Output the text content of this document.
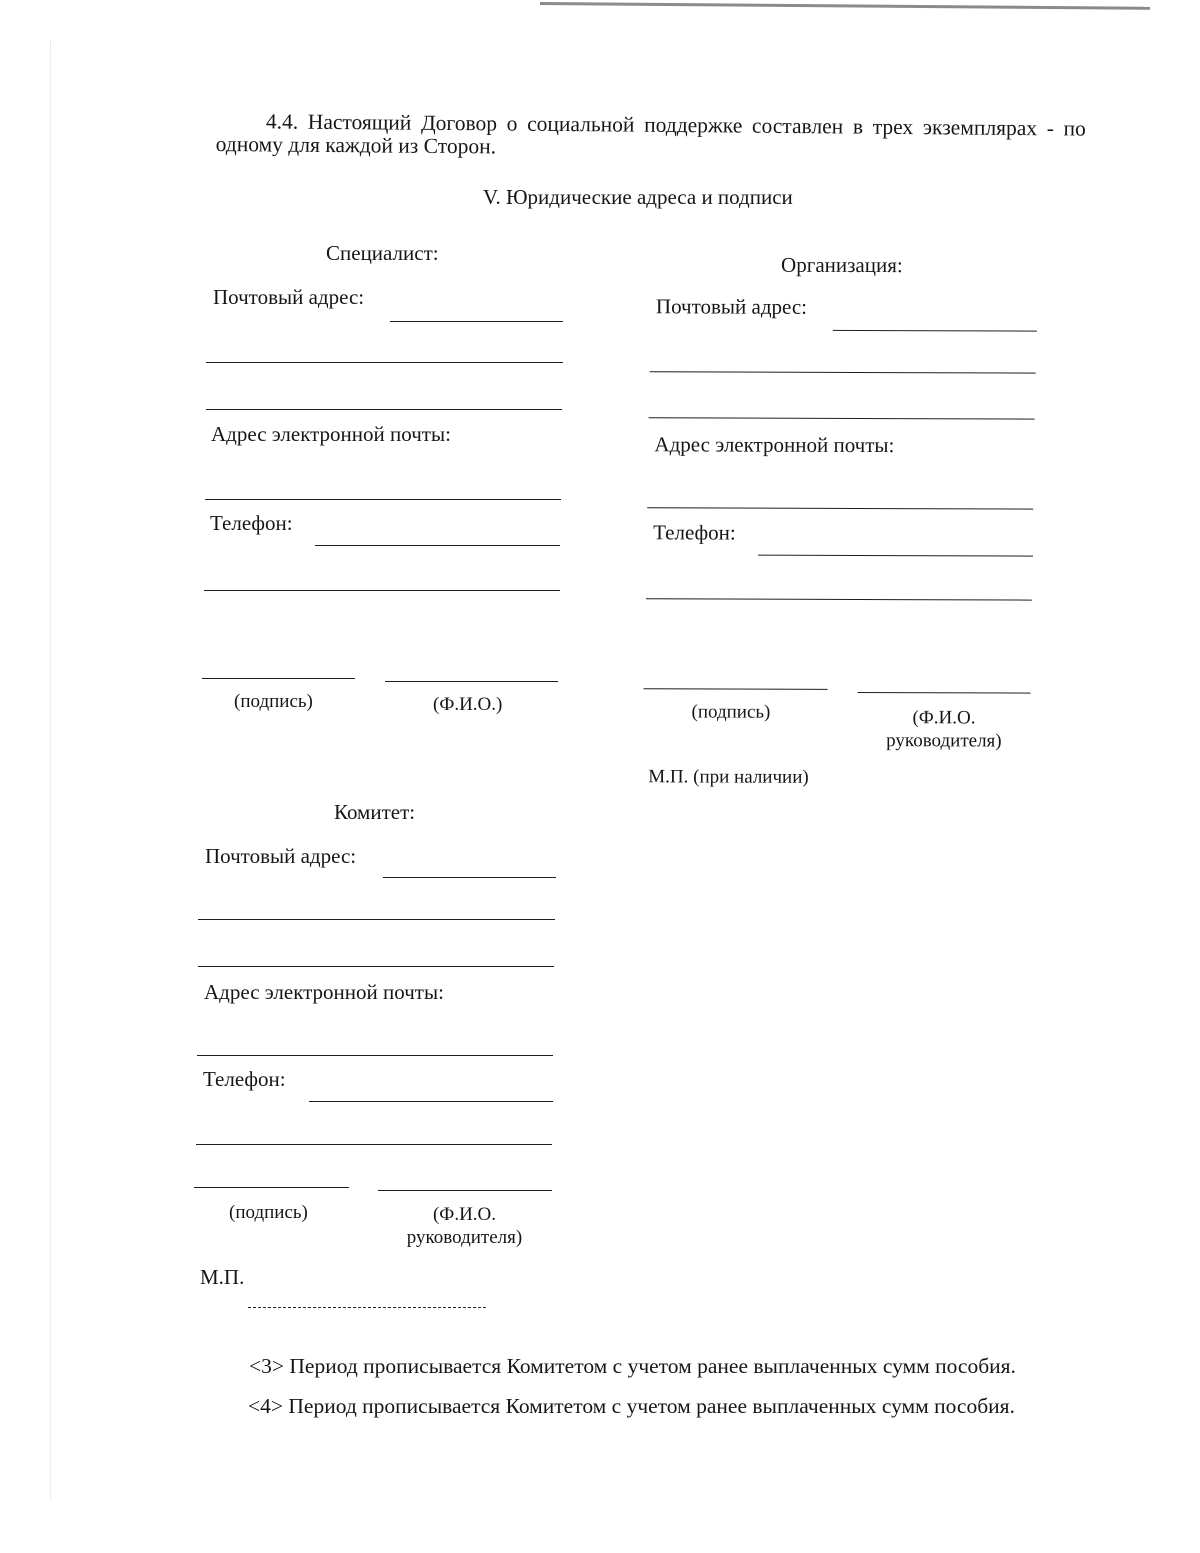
4.4. Настоящий Договор о социальной поддержке составлен в трех экземплярах - по одному для каждой из Сторон.
V. Юридические адреса и подписи
Специалист:
Почтовый адрес:
Адрес электронной почты:
Телефон:
(подпись)	(Ф.И.О.)
Организация:
Почтовый адрес:
Адрес электронной почты:
Телефон:
(подпись)	(Ф.И.О.
руководителя)
М.П. (при наличии)
Комитет:
Почтовый адрес:
Адрес электронной почты:
Телефон:
(подпись)	(Ф.И.О.
руководителя)
М.П.
<3> Период прописывается Комитетом с учетом ранее выплаченных сумм пособия.
<4> Период прописывается Комитетом с учетом ранее выплаченных сумм пособия.
